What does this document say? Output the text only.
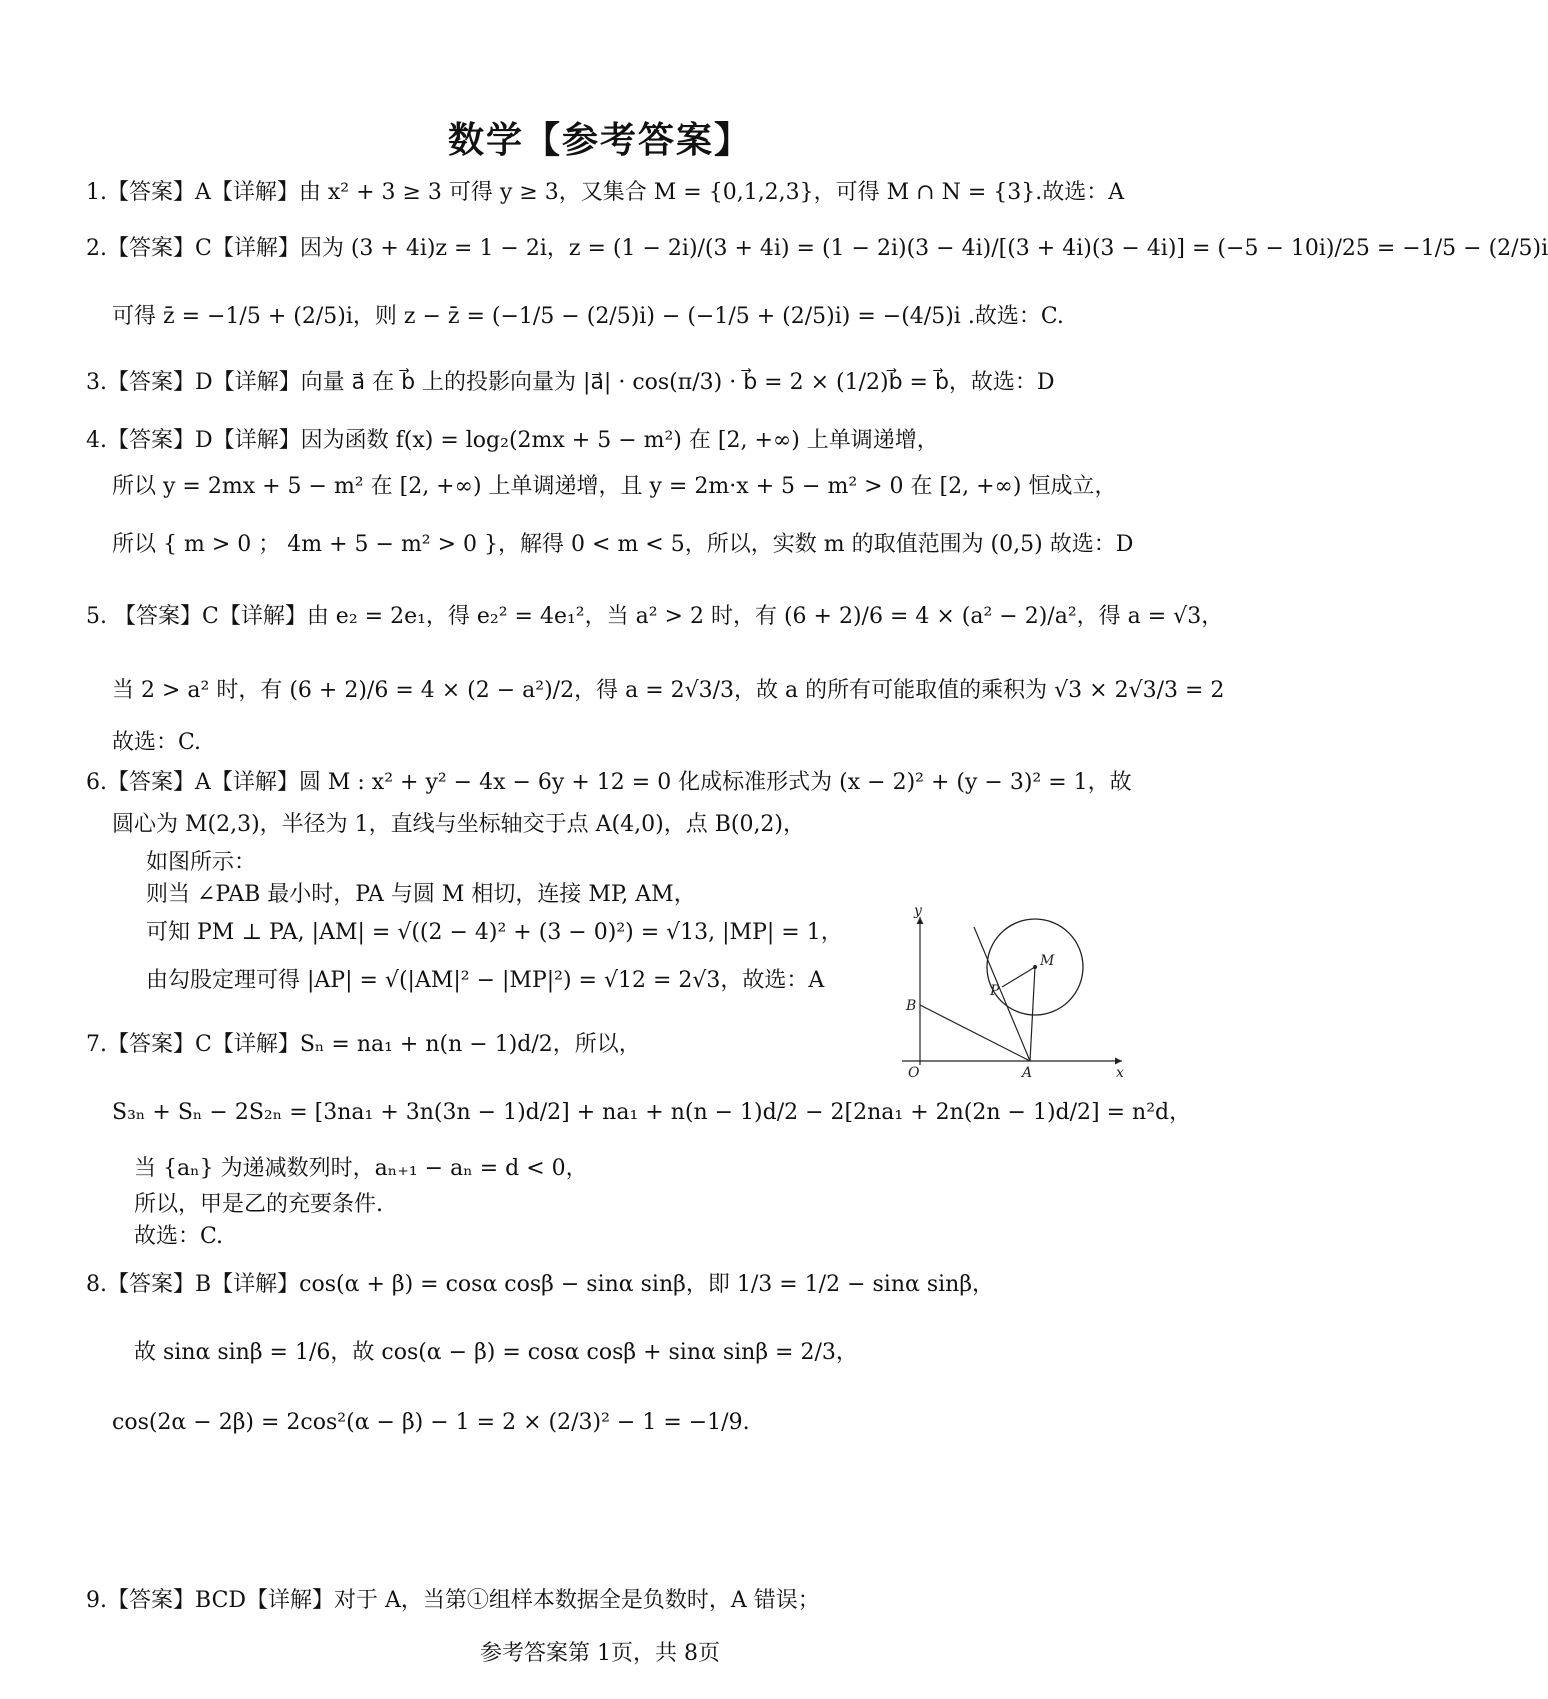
数学【参考答案】
1.【答案】A【详解】由 x² + 3 ≥ 3 可得 y ≥ 3，又集合 M = {0,1,2,3}，可得 M ∩ N = {3}.故选：A
2.【答案】C【详解】因为 (3 + 4i)z = 1 − 2i，z = (1 − 2i)/(3 + 4i) = (1 − 2i)(3 − 4i)/[(3 + 4i)(3 − 4i)] = (−5 − 10i)/25 = −1/5 − (2/5)i
可得 z̄ = −1/5 + (2/5)i，则 z − z̄ = (−1/5 − (2/5)i) − (−1/5 + (2/5)i) = −(4/5)i .故选：C.
3.【答案】D【详解】向量 a⃗ 在 b⃗ 上的投影向量为 |a⃗| · cos(π/3) · b⃗ = 2 × (1/2)b⃗ = b⃗，故选：D
4.【答案】D【详解】因为函数 f(x) = log₂(2mx + 5 − m²) 在 [2, +∞) 上单调递增，
所以 y = 2mx + 5 − m² 在 [2, +∞) 上单调递增，且 y = 2m·x + 5 − m² > 0 在 [2, +∞) 恒成立，
所以 { m > 0 ； 4m + 5 − m² > 0 }，解得 0 < m < 5，所以，实数 m 的取值范围为 (0,5) 故选：D
5. 【答案】C【详解】由 e₂ = 2e₁，得 e₂² = 4e₁²，当 a² > 2 时，有 (6 + 2)/6 = 4 × (a² − 2)/a²，得 a = √3，
当 2 > a² 时，有 (6 + 2)/6 = 4 × (2 − a²)/2，得 a = 2√3/3，故 a 的所有可能取值的乘积为 √3 × 2√3/3 = 2
故选：C.
6.【答案】A【详解】圆 M : x² + y² − 4x − 6y + 12 = 0 化成标准形式为 (x − 2)² + (y − 3)² = 1，故
圆心为 M(2,3)，半径为 1，直线与坐标轴交于点 A(4,0)，点 B(0,2)，
如图所示：
则当 ∠PAB 最小时，PA 与圆 M 相切，连接 MP, AM，
可知 PM ⊥ PA, |AM| = √((2 − 4)² + (3 − 0)²) = √13, |MP| = 1，
由勾股定理可得 |AP| = √(|AM|² − |MP|²) = √12 = 2√3，故选：A
y
x
O	A
B
P
M
7.【答案】C【详解】Sₙ = na₁ + n(n − 1)d/2，所以，
S₃ₙ + Sₙ − 2S₂ₙ = [3na₁ + 3n(3n − 1)d/2] + na₁ + n(n − 1)d/2 − 2[2na₁ + 2n(2n − 1)d/2] = n²d，
当 {aₙ} 为递减数列时，aₙ₊₁ − aₙ = d < 0，
所以，甲是乙的充要条件.
故选：C.
8.【答案】B【详解】cos(α + β) = cosα cosβ − sinα sinβ，即 1/3 = 1/2 − sinα sinβ，
故 sinα sinβ = 1/6，故 cos(α − β) = cosα cosβ + sinα sinβ = 2/3，
cos(2α − 2β) = 2cos²(α − β) − 1 = 2 × (2/3)² − 1 = −1/9.
9.【答案】BCD【详解】对于 A，当第①组样本数据全是负数时，A 错误；
参考答案第 1页，共 8页
